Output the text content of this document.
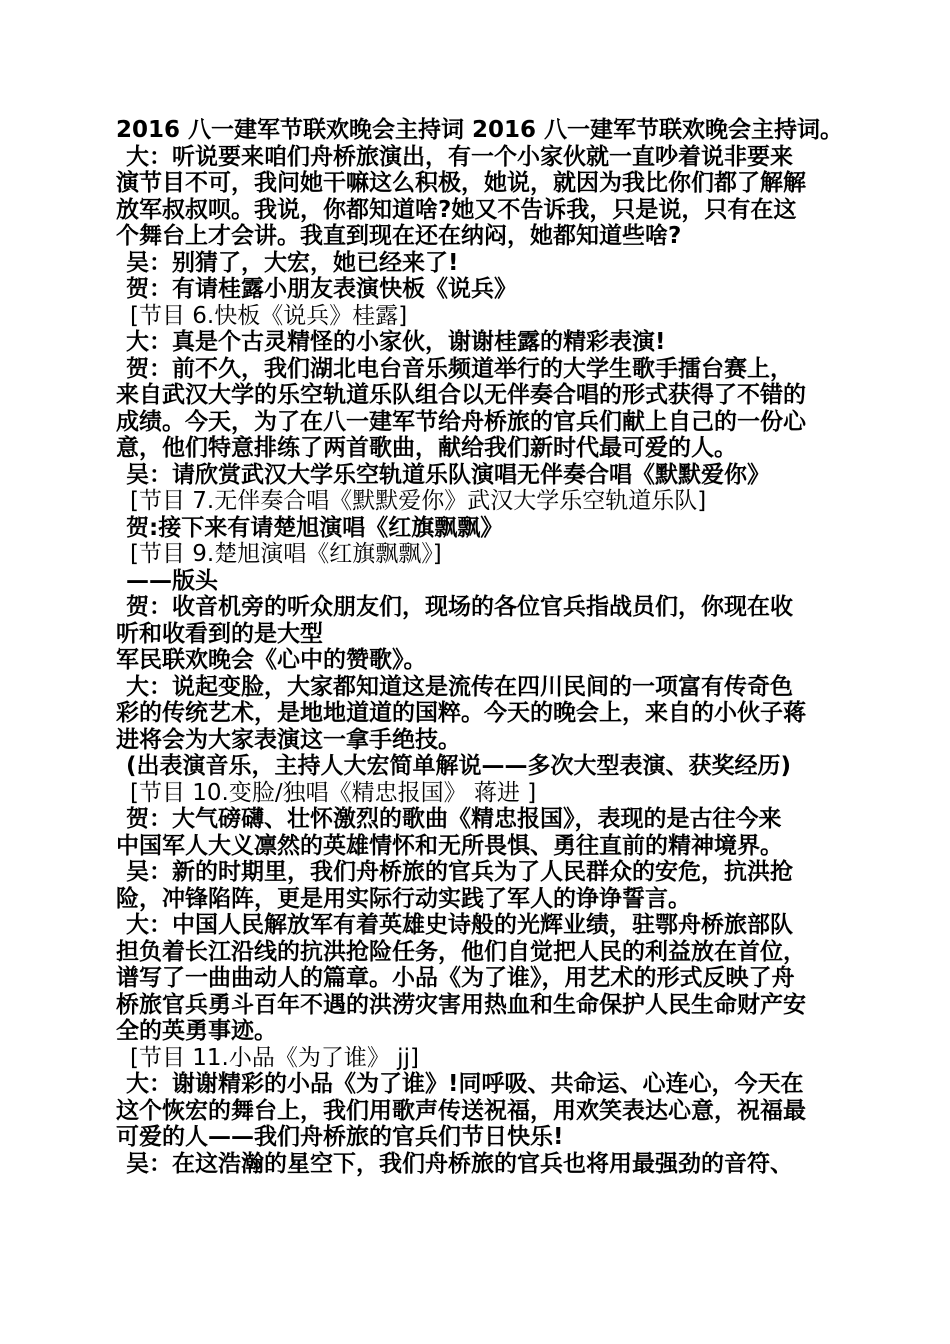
2016 八一建军节联欢晚会主持词 2016 八一建军节联欢晚会主持词。
大：听说要来咱们舟桥旅演出，有一个小家伙就一直吵着说非要来
演节目不可，我问她干嘛这么积极，她说，就因为我比你们都了解解
放军叔叔呗。我说，你都知道啥?她又不告诉我，只是说，只有在这
个舞台上才会讲。我直到现在还在纳闷，她都知道些啥?
吴：别猜了，大宏，她已经来了!
贺：有请桂露小朋友表演快板《说兵》
[节目 6.快板《说兵》桂露]
大：真是个古灵精怪的小家伙，谢谢桂露的精彩表演!
贺：前不久，我们湖北电台音乐频道举行的大学生歌手擂台赛上，
来自武汉大学的乐空轨道乐队组合以无伴奏合唱的形式获得了不错的
成绩。今天，为了在八一建军节给舟桥旅的官兵们献上自己的一份心
意，他们特意排练了两首歌曲，献给我们新时代最可爱的人。
吴：请欣赏武汉大学乐空轨道乐队演唱无伴奏合唱《默默爱你》
[节目 7.无伴奏合唱《默默爱你》武汉大学乐空轨道乐队]
贺:接下来有请楚旭演唱《红旗飘飘》
[节目 9.楚旭演唱《红旗飘飘》]
——版头
贺：收音机旁的听众朋友们，现场的各位官兵指战员们，你现在收
听和收看到的是大型
军民联欢晚会《心中的赞歌》。
大：说起变脸，大家都知道这是流传在四川民间的一项富有传奇色
彩的传统艺术，是地地道道的国粹。今天的晚会上，来自的小伙子蒋
进将会为大家表演这一拿手绝技。
(出表演音乐，主持人大宏简单解说——多次大型表演、获奖经历)
[节目 10.变脸/独唱《精忠报国》 蒋进 ]
贺：大气磅礴、壮怀激烈的歌曲《精忠报国》，表现的是古往今来
中国军人大义凛然的英雄情怀和无所畏惧、勇往直前的精神境界。
吴：新的时期里，我们舟桥旅的官兵为了人民群众的安危，抗洪抢
险，冲锋陷阵，更是用实际行动实践了军人的诤诤誓言。
大：中国人民解放军有着英雄史诗般的光辉业绩，驻鄂舟桥旅部队
担负着长江沿线的抗洪抢险任务，他们自觉把人民的利益放在首位，
谱写了一曲曲动人的篇章。小品《为了谁》，用艺术的形式反映了舟
桥旅官兵勇斗百年不遇的洪涝灾害用热血和生命保护人民生命财产安
全的英勇事迹。
[节目 11.小品《为了谁》 jj]
大：谢谢精彩的小品《为了谁》!同呼吸、共命运、心连心，今天在
这个恢宏的舞台上，我们用歌声传送祝福，用欢笑表达心意，祝福最
可爱的人——我们舟桥旅的官兵们节日快乐!
吴：在这浩瀚的星空下，我们舟桥旅的官兵也将用最强劲的音符、
